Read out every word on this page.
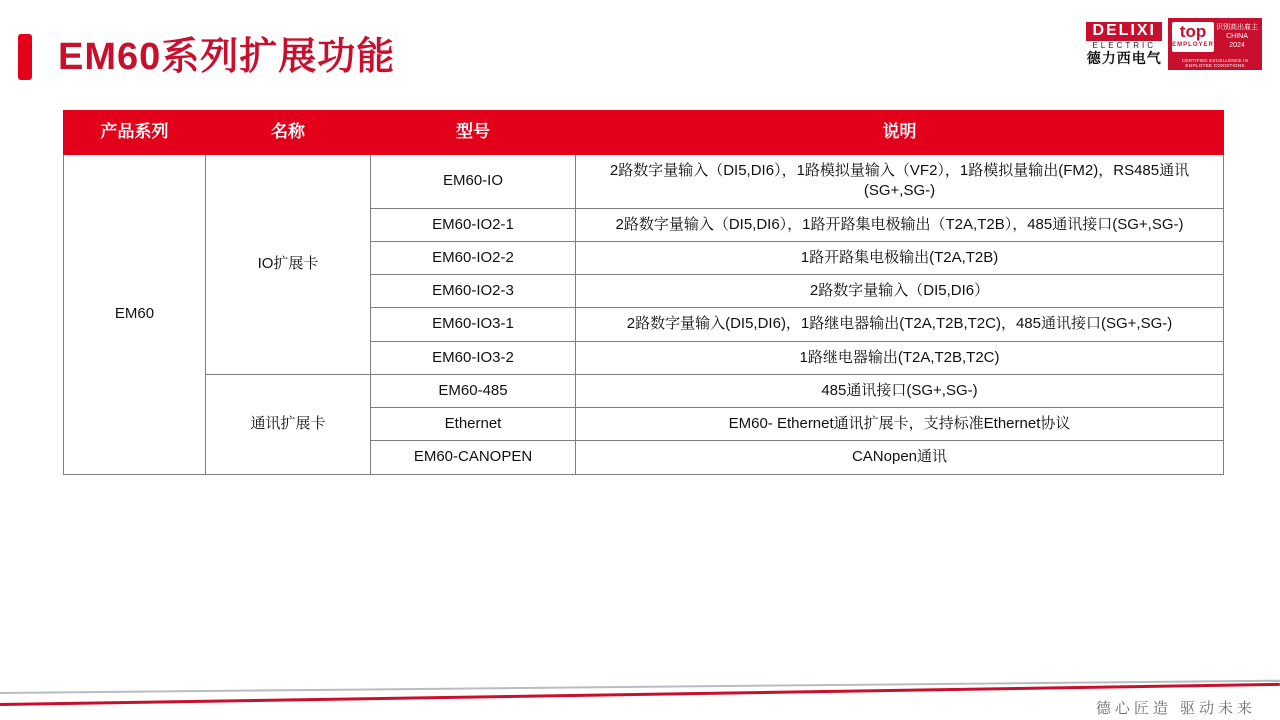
EM60系列扩展功能
DELIXI
ELECTRIC
德力西电气
top
EMPLOYER
识别高出雇主
CHINA
2024
CERTIFIED EXCELLENCE IN EMPLOYEE CONDITIONS
产品系列	名称	型号	说明
EM60	IO扩展卡	EM60-IO	2路数字量输入（DI5,DI6），1路模拟量输入（VF2），1路模拟量输出(FM2)，RS485通讯(SG+,SG-)
		EM60-IO2-1	2路数字量输入（DI5,DI6），1路开路集电极输出（T2A,T2B），485通讯接口(SG+,SG-)
		EM60-IO2-2	1路开路集电极输出(T2A,T2B)
		EM60-IO2-3	2路数字量输入（DI5,DI6）
		EM60-IO3-1	2路数字量输入(DI5,DI6)，1路继电器输出(T2A,T2B,T2C)，485通讯接口(SG+,SG-)
		EM60-IO3-2	1路继电器输出(T2A,T2B,T2C)
	通讯扩展卡	EM60-485	485通讯接口(SG+,SG-)
		Ethernet	EM60- Ethernet通讯扩展卡，支持标准Ethernet协议
		EM60-CANOPEN	CANopen通讯
德心匠造 驱动未来
